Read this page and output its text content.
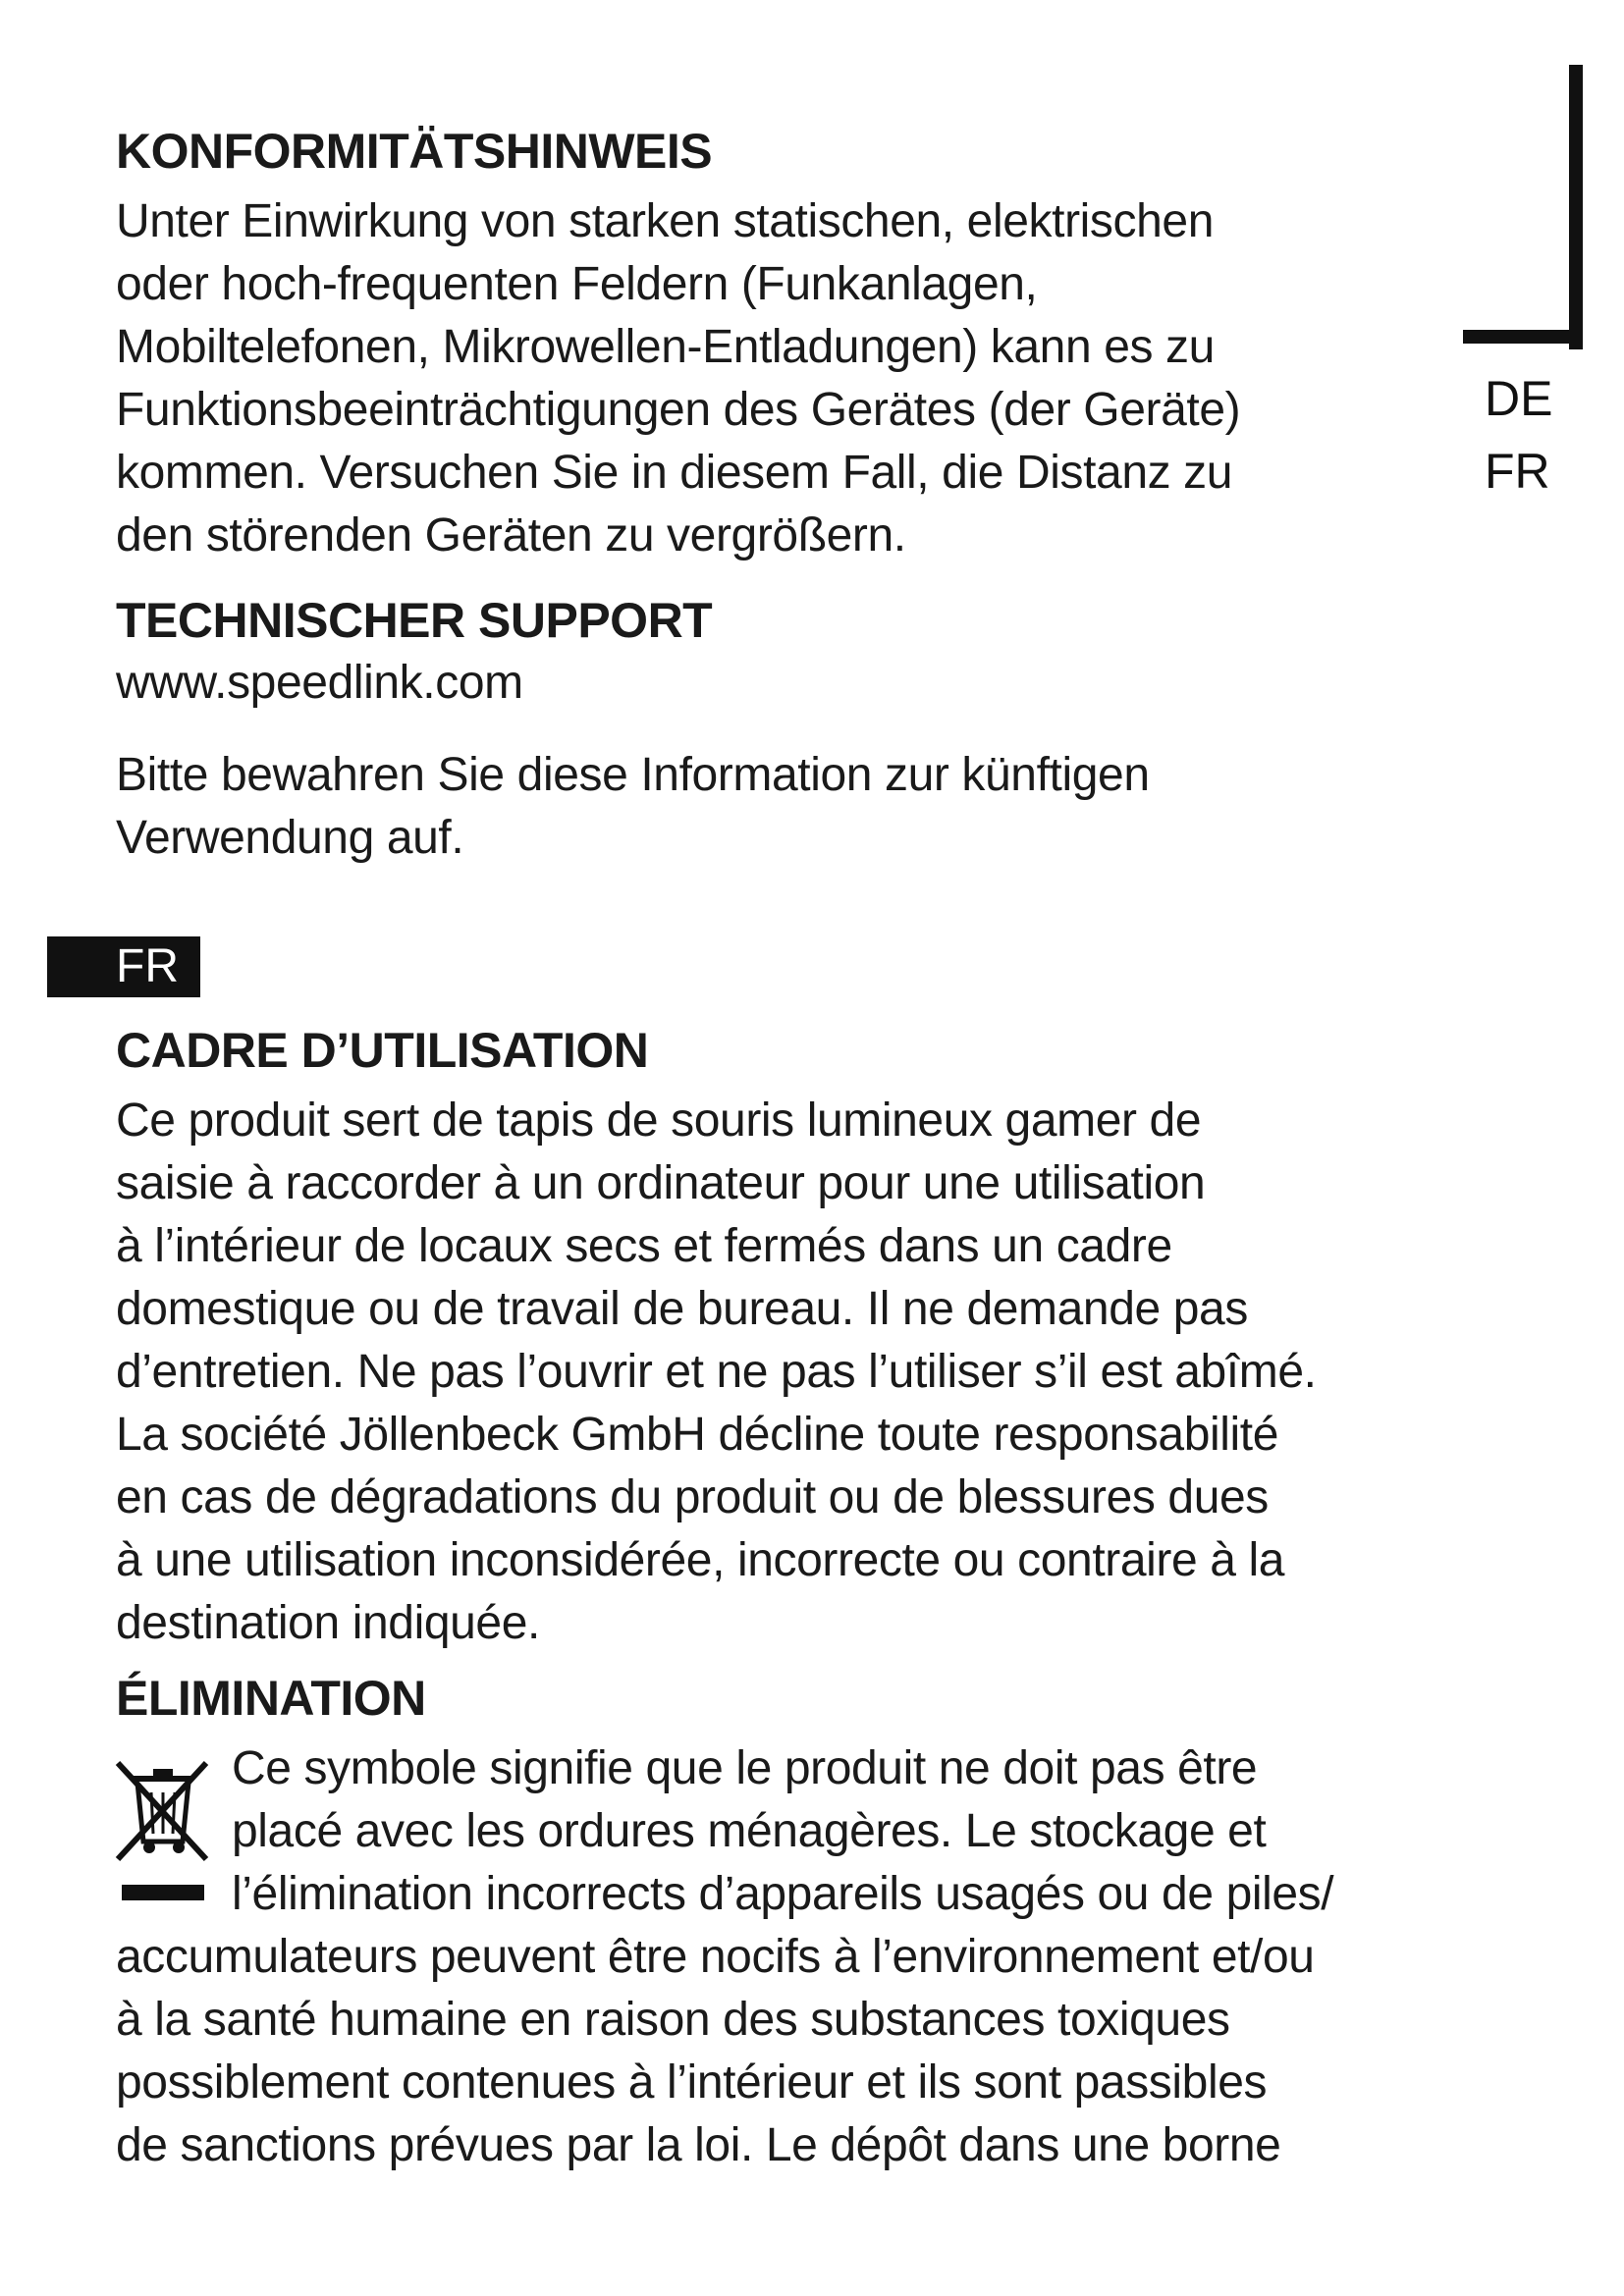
DE
FR
KONFORMITÄTSHINWEIS
Unter Einwirkung von starken statischen, elektrischen
oder hoch-frequenten Feldern (Funkanlagen,
Mobiltelefonen, Mikrowellen-Entladungen) kann es zu
Funktionsbeeinträchtigungen des Gerätes (der Geräte)
kommen. Versuchen Sie in diesem Fall, die Distanz zu
den störenden Geräten zu vergrößern.
TECHNISCHER SUPPORT
www.speedlink.com
Bitte bewahren Sie diese Information zur künftigen
Verwendung auf.
FR
CADRE D’UTILISATION
Ce produit sert de tapis de souris lumineux gamer de
saisie à raccorder à un ordinateur pour une utilisation
à l’intérieur de locaux secs et fermés dans un cadre
domestique ou de travail de bureau. Il ne demande pas
d’entretien. Ne pas l’ouvrir et ne pas l’utiliser s’il est abîmé.
La société Jöllenbeck GmbH décline toute responsabilité
en cas de dégradations du produit ou de blessures dues
à une utilisation inconsidérée, incorrecte ou contraire à la
destination indiquée.
ÉLIMINATION
accumulateurs peuvent être nocifs à l’environnement et/ou
à la santé humaine en raison des substances toxiques
possiblement contenues à l’intérieur et ils sont passibles
de sanctions prévues par la loi. Le dépôt dans une borne
Ce symbole signifie que le produit ne doit pas être
placé avec les ordures ménagères. Le stockage et
l’élimination incorrects d’appareils usagés ou de piles/
